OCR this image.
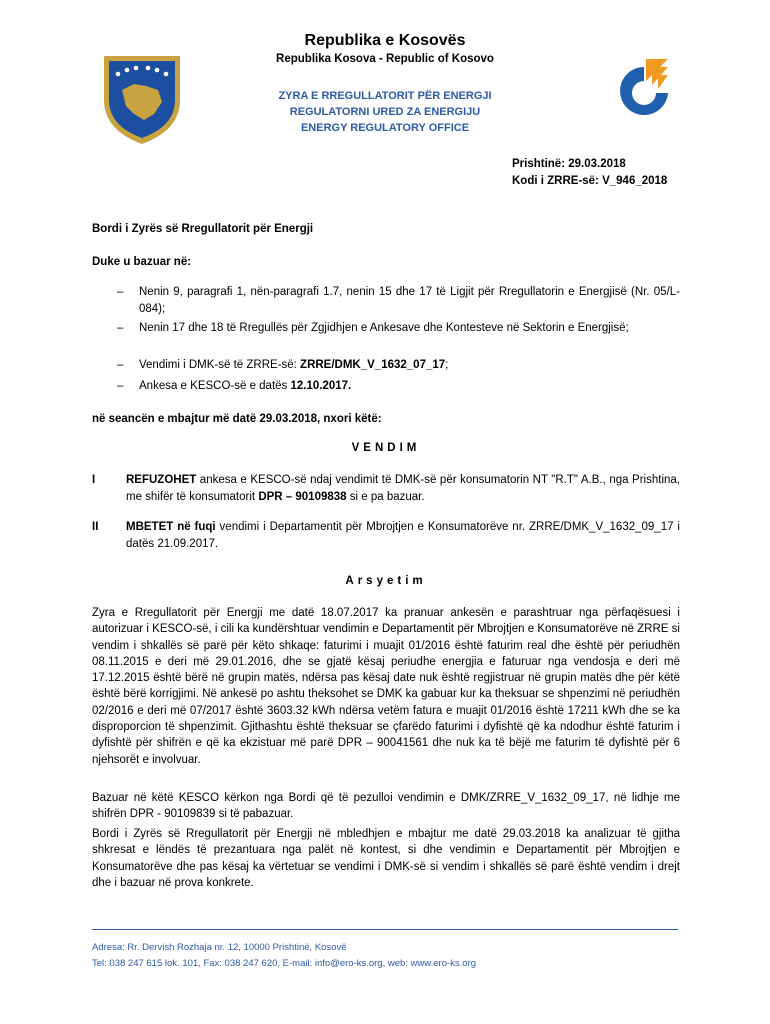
Republika e Kosovës
Republika Kosova - Republic of Kosovo
ZYRA E RREGULLATORIT PËR ENERGJI
REGULATORNI URED ZA ENERGIJU
ENERGY REGULATORY OFFICE
Prishtinë: 29.03.2018
Kodi i ZRRE-së: V_946_2018
Bordi i Zyrës së Rregullatorit për Energji
Duke u bazuar në:
– Nenin 9, paragrafi 1, nën-paragrafi 1.7, nenin 15 dhe 17 të Ligjit për Rregullatorin e Energjisë (Nr. 05/L-084);
– Nenin 17 dhe 18 të Rregullës për Zgjidhjen e Ankesave dhe Kontesteve në Sektorin e Energjisë;
– Vendimi i DMK-së të ZRRE-së: ZRRE/DMK_V_1632_07_17;
– Ankesa e KESCO-së e datës 12.10.2017.
në seancën e mbajtur më datë 29.03.2018, nxori këtë:
VENDIM
I	REFUZOHET ankesa e KESCO-së ndaj vendimit të DMK-së për konsumatorin NT "R.T" A.B., nga Prishtina, me shifër të konsumatorit DPR – 90109838 si e pa bazuar.
II MBETET në fuqi vendimi i Departamentit për Mbrojtjen e Konsumatorëve nr. ZRRE/DMK_V_1632_09_17 i datës 21.09.2017.
Arsyetim
Zyra e Rregullatorit për Energji me datë 18.07.2017 ka pranuar ankesën e parashtruar nga përfaqësuesi i autorizuar i KESCO-së, i cili ka kundërshtuar vendimin e Departamentit për Mbrojtjen e Konsumatorëve në ZRRE si vendim i shkallës së parë për këto shkaqe: faturimi i muajit 01/2016 është faturim real dhe është për periudhën 08.11.2015 e deri më 29.01.2016, dhe se gjatë kësaj periudhe energjia e faturuar nga vendosja e deri më 17.12.2015 është bërë në grupin matës, ndërsa pas kësaj date nuk është regjistruar në grupin matës dhe për këtë është bërë korrigjimi. Në ankesë po ashtu theksohet se DMK ka gabuar kur ka theksuar se shpenzimi në periudhën 02/2016 e deri më 07/2017 është 3603.32 kWh ndërsa vetëm fatura e muajit 01/2016 është 17211 kWh dhe se ka disproporcion të shpenzimit. Gjithashtu është theksuar se çfarëdo faturimi i dyfishtë që ka ndodhur është faturim i dyfishtë për shifrën e që ka ekzistuar më parë DPR – 90041561 dhe nuk ka të bëjë me faturim të dyfishtë për 6 njehsorët e involvuar.
Bazuar në këtë KESCO kërkon nga Bordi që të pezulloi vendimin e DMK/ZRRE_V_1632_09_17, në lidhje me shifrën DPR - 90109839 si të pabazuar.
Bordi i Zyrës së Rregullatorit për Energji në mbledhjen e mbajtur me datë 29.03.2018 ka analizuar të gjitha shkresat e lëndës të prezantuara nga palët në kontest, si dhe vendimin e Departamentit për Mbrojtjen e Konsumatorëve dhe pas kësaj ka vërtetuar se vendimi i DMK-së si vendim i shkallës së parë është vendim i drejt dhe i bazuar në prova konkrete.
Adresa: Rr. Dervish Rozhaja nr. 12, 10000 Prishtinë, Kosovë
Tel: 038 247 615 lok. 101, Fax: 038 247 620, E-mail: info@ero-ks.org, web: www.ero-ks.org
